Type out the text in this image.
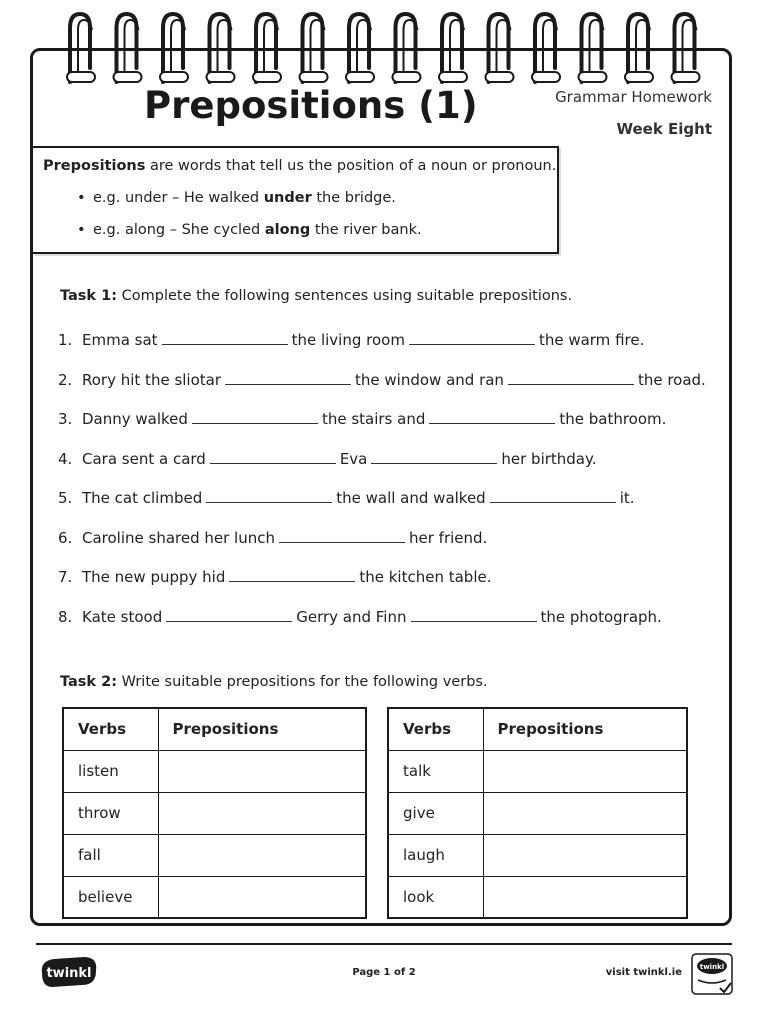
Prepositions (1)	Grammar Homework
Week Eight
Prepositions are words that tell us the position of a noun or pronoun.
• e.g. under – He walked under the bridge.
• e.g. along – She cycled along the river bank.
Task 1: Complete the following sentences using suitable prepositions.
1. Emma sat	the living room	the warm fire.
2. Rory hit the sliotar	the window and ran	the road.
3. Danny walked	the stairs and	the bathroom.
4. Cara sent a card	Eva	her birthday.
5. The cat climbed	the wall and walked	it.
6. Caroline shared her lunch	her friend.
7. The new puppy hid	the kitchen table.
8. Kate stood	Gerry and Finn	the photograph.
Task 2: Write suitable prepositions for the following verbs.
Verbs	Prepositions
listen	
throw	
fall	
believe	
Verbs	Prepositions
talk	
give	
laugh	
look	
twinkl	Page 1 of 2	visit twinkl.ie	twinkl
